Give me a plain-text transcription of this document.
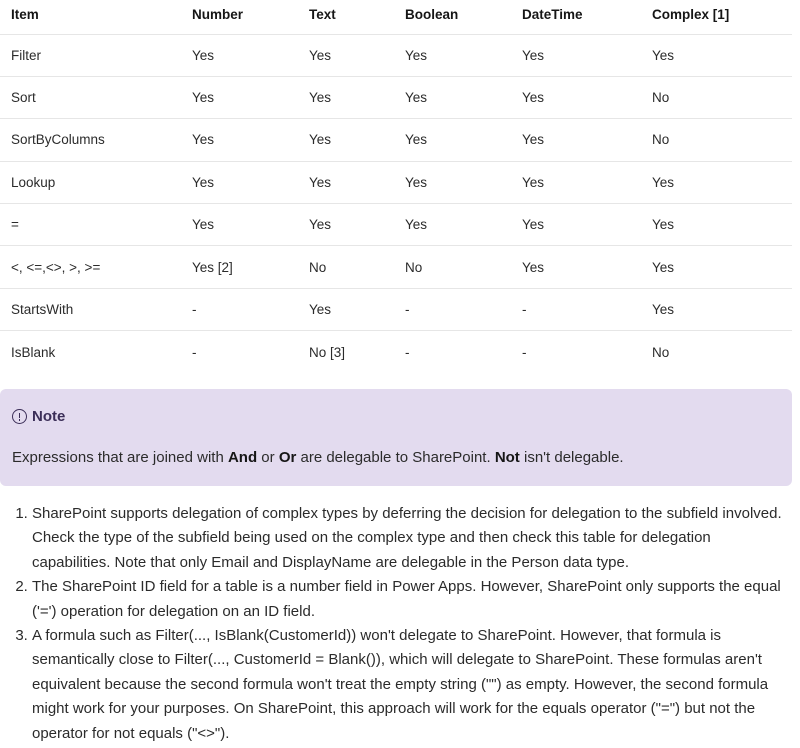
Item	Number	Text	Boolean	DateTime	Complex [1]
Filter	Yes	Yes	Yes	Yes	Yes
Sort	Yes	Yes	Yes	Yes	No
SortByColumns	Yes	Yes	Yes	Yes	No
Lookup	Yes	Yes	Yes	Yes	Yes
=	Yes	Yes	Yes	Yes	Yes
<, <=,<>, >, >=	Yes [2]	No	No	Yes	Yes
StartsWith	-	Yes	-	-	Yes
IsBlank	-	No [3]	-	-	No
Note
Expressions that are joined with And or Or are delegable to SharePoint. Not isn't delegable.
1. SharePoint supports delegation of complex types by deferring the decision for delegation to the subfield involved. Check the type of the subfield being used on the complex type and then check this table for delegation capabilities. Note that only Email and DisplayName are delegable in the Person data type.
2. The SharePoint ID field for a table is a number field in Power Apps. However, SharePoint only supports the equal ('=') operation for delegation on an ID field.
3. A formula such as Filter(..., IsBlank(CustomerId)) won't delegate to SharePoint. However, that formula is semantically close to Filter(..., CustomerId = Blank()), which will delegate to SharePoint. These formulas aren't equivalent because the second formula won't treat the empty string ("") as empty. However, the second formula might work for your purposes. On SharePoint, this approach will work for the equals operator ("=") but not the operator for not equals ("<>").
